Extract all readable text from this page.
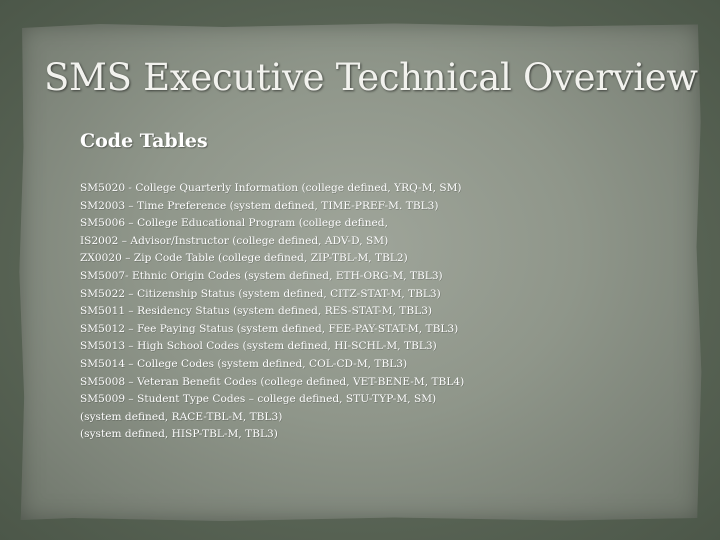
SMS Executive Technical Overview
Code Tables
SM5020 - College Quarterly Information (college defined, YRQ-M, SM)
SM2003 – Time Preference (system defined, TIME-PREF-M. TBL3)
SM5006 – College Educational Program (college defined,
IS2002 – Advisor/Instructor (college defined, ADV-D, SM)
ZX0020 – Zip Code Table (college defined, ZIP-TBL-M, TBL2)
SM5007- Ethnic Origin Codes (system defined, ETH-ORG-M, TBL3)
SM5022 – Citizenship Status (system defined, CITZ-STAT-M, TBL3)
SM5011 – Residency Status (system defined, RES-STAT-M, TBL3)
SM5012 – Fee Paying Status (system defined, FEE-PAY-STAT-M, TBL3)
SM5013 – High School Codes (system defined, HI-SCHL-M, TBL3)
SM5014 – College Codes (system defined, COL-CD-M, TBL3)
SM5008 – Veteran Benefit Codes (college defined, VET-BENE-M, TBL4)
SM5009 – Student Type Codes – college defined, STU-TYP-M, SM)
(system defined, RACE-TBL-M, TBL3)
(system defined, HISP-TBL-M, TBL3)
